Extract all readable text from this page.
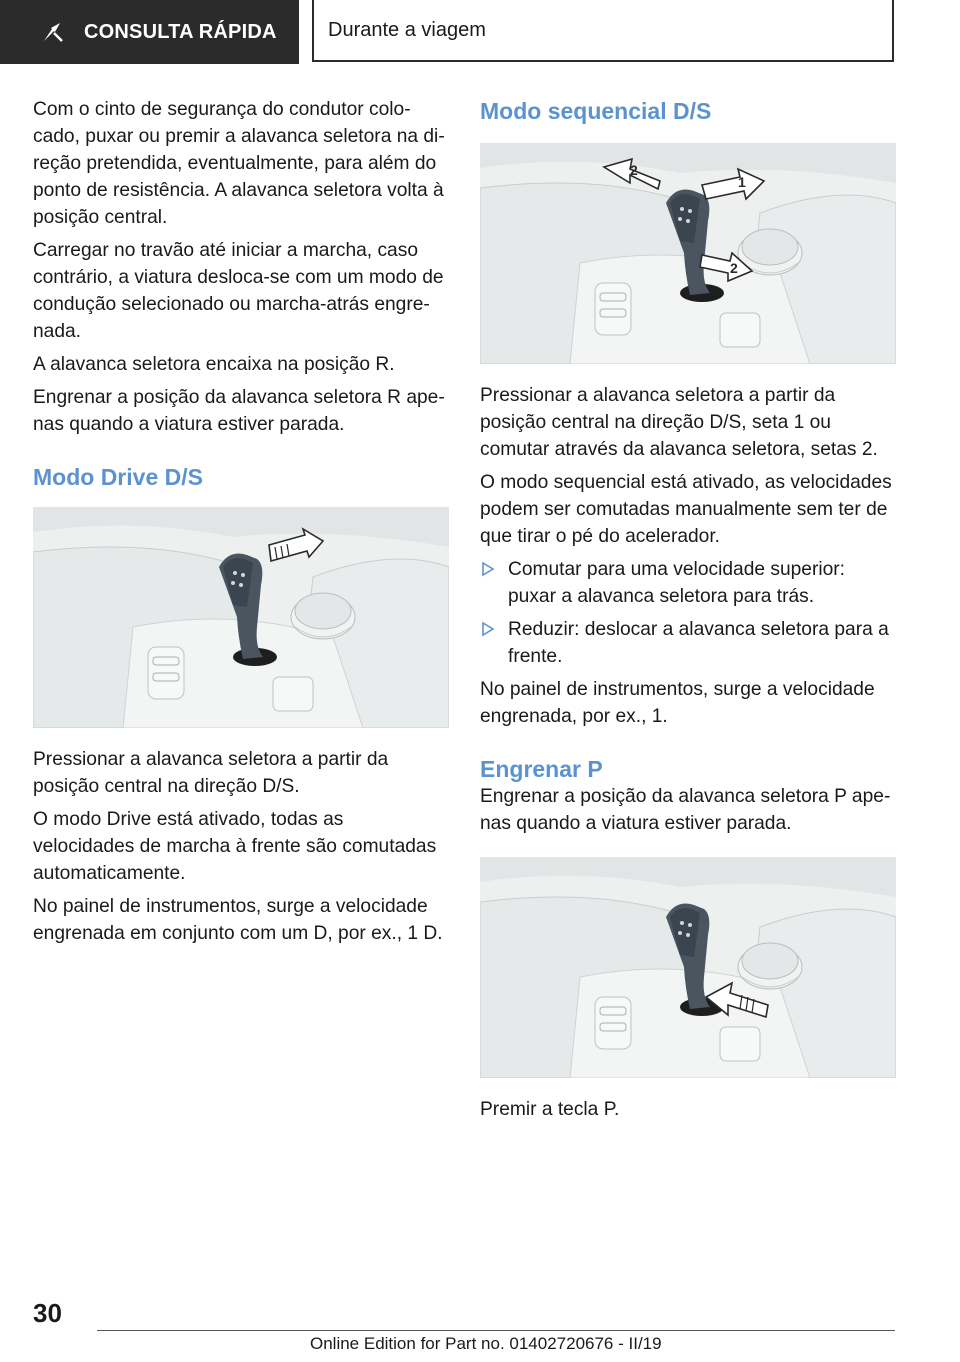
CONSULTA RÁPIDA	Durante a viagem

Com o cinto de segurança do condutor colocado, puxar ou premir a alavanca seletora na direção pretendida, eventualmente, para além do ponto de resistência. A alavanca seletora volta à posição central.

Carregar no travão até iniciar a marcha, caso contrário, a viatura desloca-se com um modo de condução selecionado ou marcha-atrás engrenada.

A alavanca seletora encaixa na posição R.

Engrenar a posição da alavanca seletora R apenas quando a viatura estiver parada.

Modo Drive D/S

Pressionar a alavanca seletora a partir da posição central na direção D/S.

O modo Drive está ativado, todas as velocidades de marcha à frente são comutadas automaticamente.

No painel de instrumentos, surge a velocidade engrenada em conjunto com um D, por ex., 1 D.

Modo sequencial D/S
1
2
2

Pressionar a alavanca seletora a partir da posição central na direção D/S, seta 1 ou comutar através da alavanca seletora, setas 2.

O modo sequencial está ativado, as velocidades podem ser comutadas manualmente sem ter de que tirar o pé do acelerador.

Comutar para uma velocidade superior: puxar a alavanca seletora para trás.
Reduzir: deslocar a alavanca seletora para a frente.

No painel de instrumentos, surge a velocidade engrenada, por ex., 1.

Engrenar P

Engrenar a posição da alavanca seletora P apenas quando a viatura estiver parada.

Premir a tecla P.

30
Online Edition for Part no. 01402720676 - II/19
